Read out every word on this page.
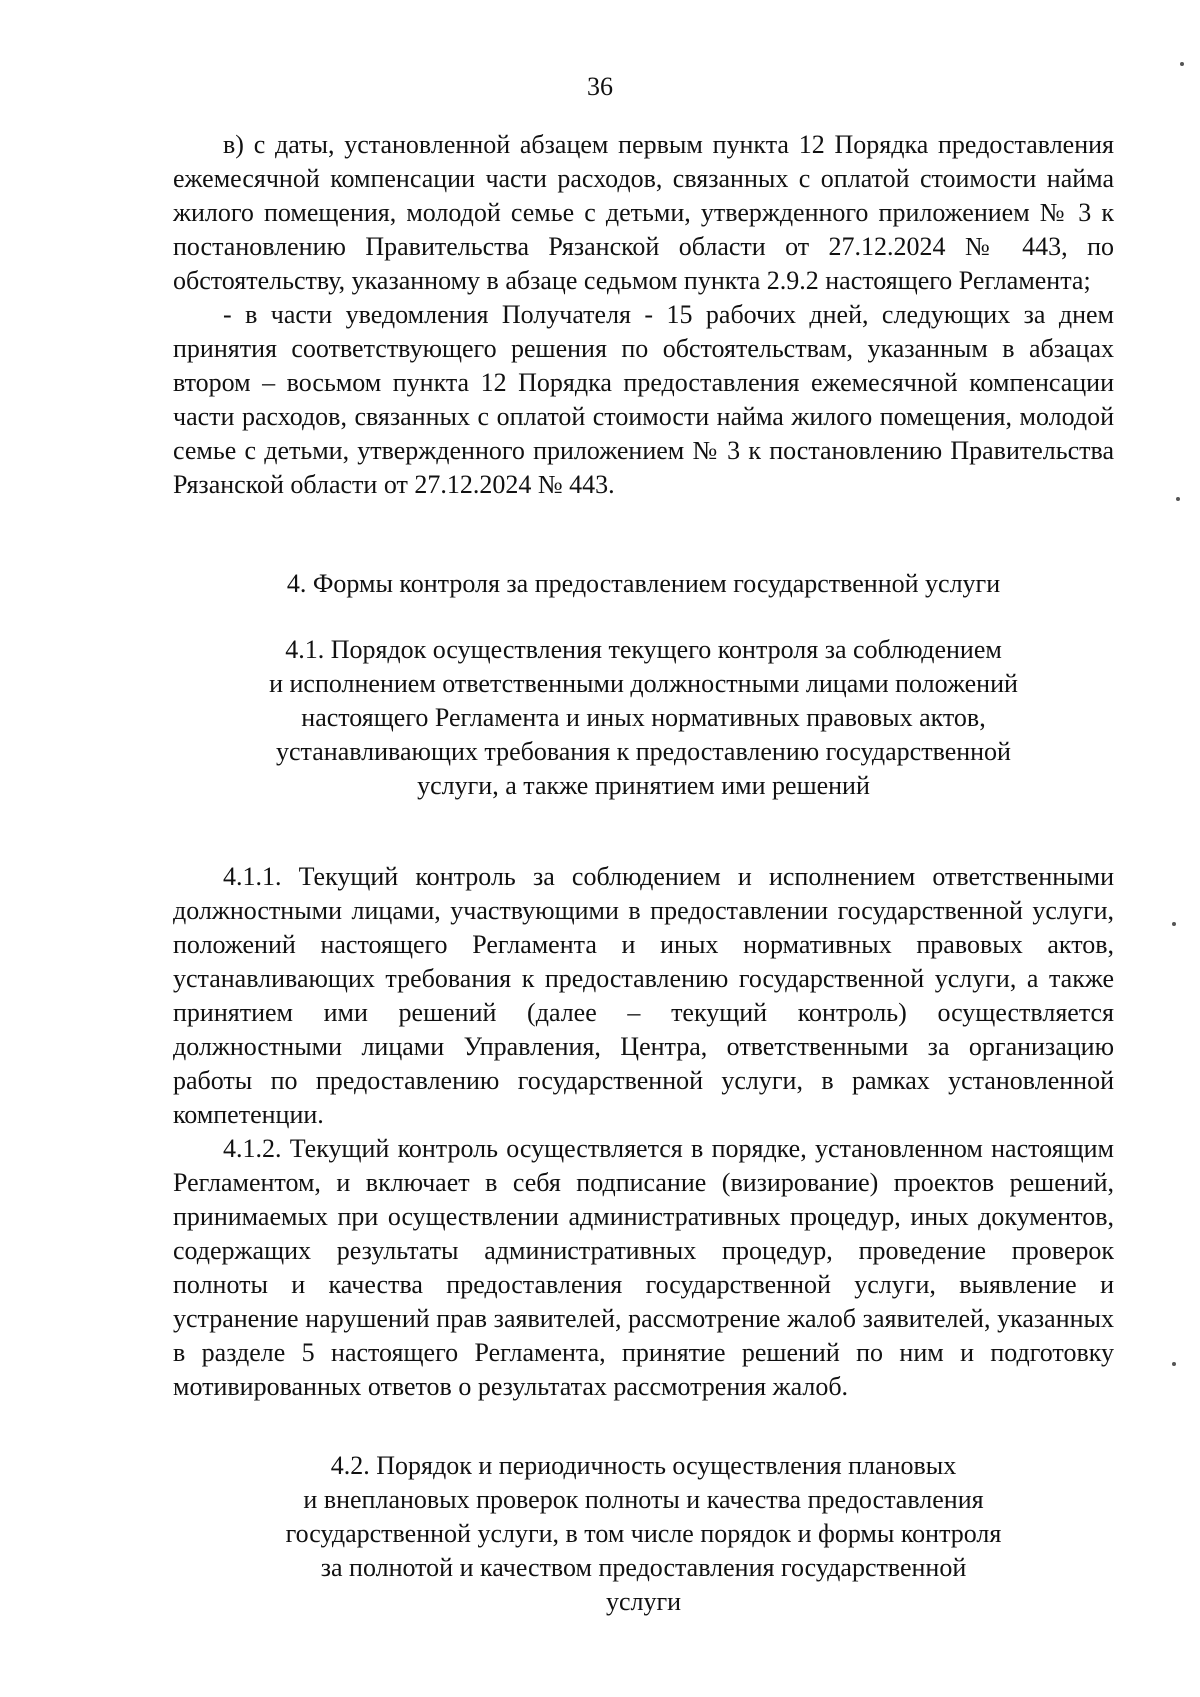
36

в) с даты, установленной абзацем первым пункта 12 Порядка предоставления ежемесячной компенсации части расходов, связанных с оплатой стоимости найма жилого помещения, молодой семье с детьми, утвержденного приложением № 3 к постановлению Правительства Рязанской области от 27.12.2024 № 443, по обстоятельству, указанному в абзаце седьмом пункта 2.9.2 настоящего Регламента;

- в части уведомления Получателя - 15 рабочих дней, следующих за днем принятия соответствующего решения по обстоятельствам, указанным в абзацах втором – восьмом пункта 12 Порядка предоставления ежемесячной компенсации части расходов, связанных с оплатой стоимости найма жилого помещения, молодой семье с детьми, утвержденного приложением № 3 к постановлению Правительства Рязанской области от 27.12.2024 № 443.

4. Формы контроля за предоставлением государственной услуги

4.1. Порядок осуществления текущего контроля за соблюдением
и исполнением ответственными должностными лицами положений
настоящего Регламента и иных нормативных правовых актов,
устанавливающих требования к предоставлению государственной
услуги, а также принятием ими решений

4.1.1. Текущий контроль за соблюдением и исполнением ответственными должностными лицами, участвующими в предоставлении государственной услуги, положений настоящего Регламента и иных нормативных правовых актов, устанавливающих требования к предоставлению государственной услуги, а также принятием ими решений (далее – текущий контроль) осуществляется должностными лицами Управления, Центра, ответственными за организацию работы по предоставлению государственной услуги, в рамках установленной компетенции.

4.1.2. Текущий контроль осуществляется в порядке, установленном настоящим Регламентом, и включает в себя подписание (визирование) проектов решений, принимаемых при осуществлении административных процедур, иных документов, содержащих результаты административных процедур, проведение проверок полноты и качества предоставления государственной услуги, выявление и устранение нарушений прав заявителей, рассмотрение жалоб заявителей, указанных в разделе 5 настоящего Регламента, принятие решений по ним и подготовку мотивированных ответов о результатах рассмотрения жалоб.

4.2. Порядок и периодичность осуществления плановых
и внеплановых проверок полноты и качества предоставления
государственной услуги, в том числе порядок и формы контроля
за полнотой и качеством предоставления государственной
услуги
